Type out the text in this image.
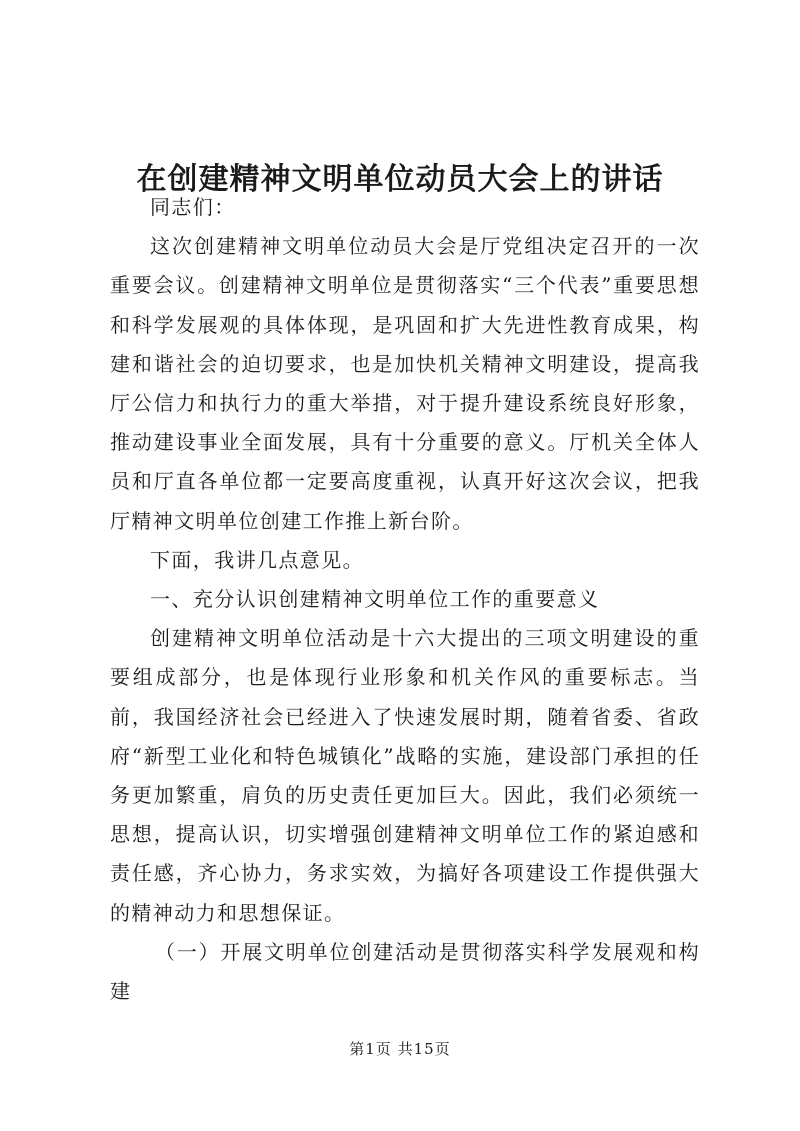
在创建精神文明单位动员大会上的讲话

同志们：

这次创建精神文明单位动员大会是厅党组决定召开的一次重要会议。创建精神文明单位是贯彻落实“三个代表”重要思想和科学发展观的具体体现，是巩固和扩大先进性教育成果，构建和谐社会的迫切要求，也是加快机关精神文明建设，提高我厅公信力和执行力的重大举措，对于提升建设系统良好形象，推动建设事业全面发展，具有十分重要的意义。厅机关全体人员和厅直各单位都一定要高度重视，认真开好这次会议，把我厅精神文明单位创建工作推上新台阶。

下面，我讲几点意见。

一、充分认识创建精神文明单位工作的重要意义

创建精神文明单位活动是十六大提出的三项文明建设的重要组成部分，也是体现行业形象和机关作风的重要标志。当前，我国经济社会已经进入了快速发展时期，随着省委、省政府“新型工业化和特色城镇化”战略的实施，建设部门承担的任务更加繁重，肩负的历史责任更加巨大。因此，我们必须统一思想，提高认识，切实增强创建精神文明单位工作的紧迫感和责任感，齐心协力，务求实效，为搞好各项建设工作提供强大的精神动力和思想保证。

（一）开展文明单位创建活动是贯彻落实科学发展观和构建

第1页 共15页
